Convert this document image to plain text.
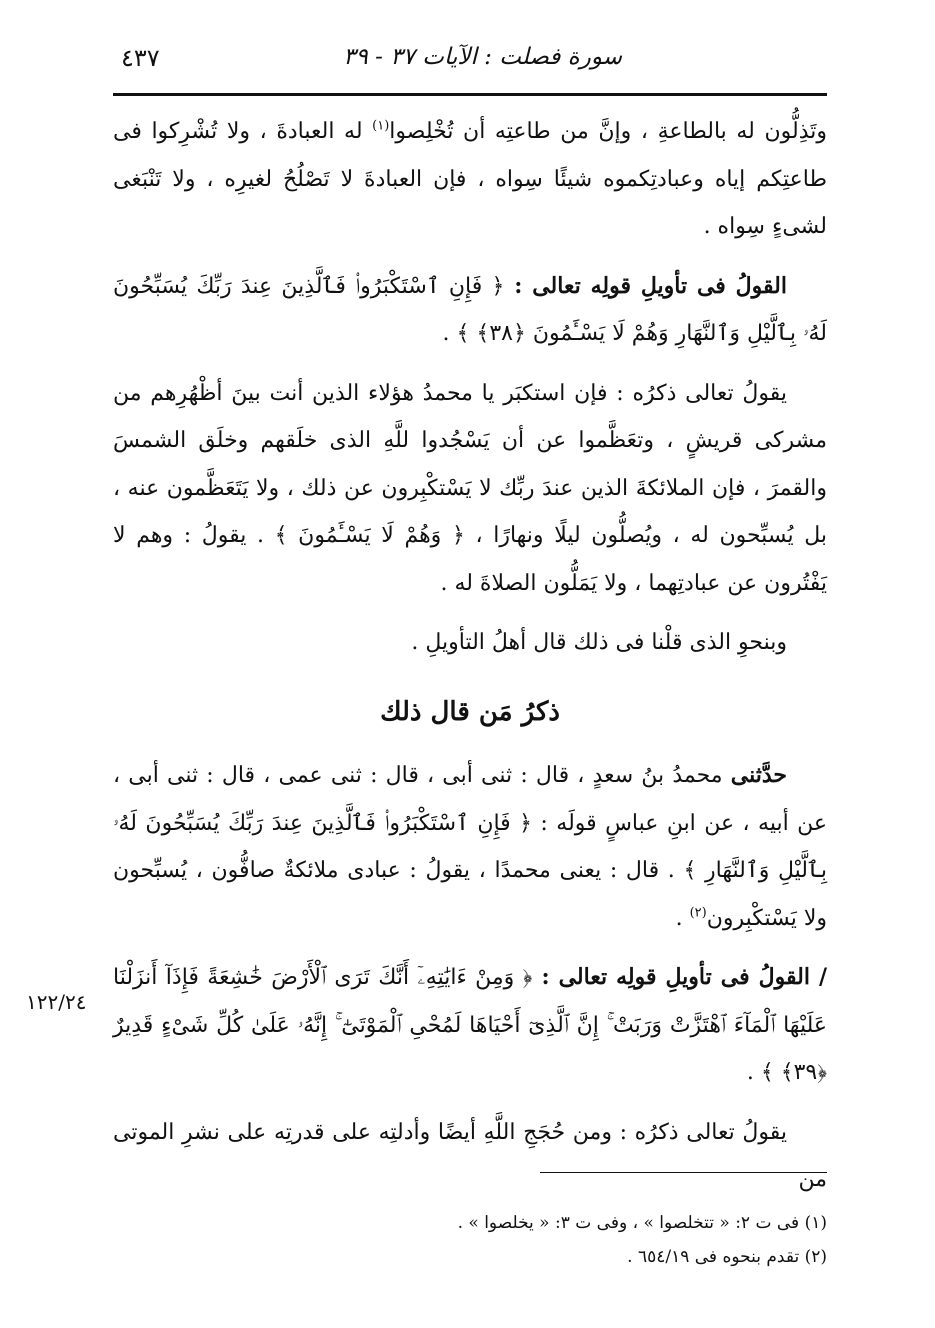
سورة فصلت : الآيات ٣٧ - ٣٩
٤٣٧

وتَذِلُّون له بالطاعةِ ، وإنَّ من طاعتِه أن تُخْلِصوا$^{(١)}$ له العبادةَ ، ولا تُشْرِكوا فى طاعتِكم إياه وعبادتِكموه شيئًا سِواه ، فإن العبادةَ لا تَصْلُحُ لغيرِه ، ولا تَنْبَغى لشىءٍ سِواه .

القولُ فى تأويلِ قولِه تعالى : ﴿ فَإِنِ ٱسْتَكْبَرُوا۟ فَٱلَّذِينَ عِندَ رَبِّكَ يُسَبِّحُونَ لَهُۥ بِٱلَّيْلِ وَٱلنَّهَارِ وَهُمْ لَا يَسْـَٔمُونَ ﴿٣٨﴾ ﴾ .

يقولُ تعالى ذكرُه : فإن استكبَر يا محمدُ هؤلاء الذين أنت بينَ أظْهُرِهم من مشركى قريشٍ ، وتعَظَّموا عن أن يَسْجُدوا للَّهِ الذى خلَقهم وخلَق الشمسَ والقمرَ ، فإن الملائكةَ الذين عندَ ربِّك لا يَسْتكْبِرون عن ذلك ، ولا يَتَعَظَّمون عنه ، بل يُسبِّحون له ، ويُصلُّون ليلًا ونهارًا ، ﴿ وَهُمْ لَا يَسْـَٔمُونَ ﴾ . يقولُ : وهم لا يَفْتُرون عن عبادتِهما ، ولا يَمَلُّون الصلاةَ له .

وبنحوِ الذى قلْنا فى ذلك قال أهلُ التأويلِ .

ذكرُ مَن قال ذلك

حدَّثنى محمدُ بنُ سعدٍ ، قال : ثنى أبى ، قال : ثنى عمى ، قال : ثنى أبى ، عن أبيه ، عن ابنِ عباسٍ قولَه : ﴿ فَإِنِ ٱسْتَكْبَرُوا۟ فَٱلَّذِينَ عِندَ رَبِّكَ يُسَبِّحُونَ لَهُۥ بِٱلَّيْلِ وَٱلنَّهَارِ ﴾ . قال : يعنى محمدًا ، يقولُ : عبادى ملائكةٌ صافُّون ، يُسبِّحون ولا يَسْتكْبِرون$^{(٢)}$ .

/ القولُ فى تأويلِ قولِه تعالى : ﴿ وَمِنْ ءَايَٰتِهِۦٓ أَنَّكَ تَرَى ٱلْأَرْضَ خَٰشِعَةً فَإِذَآ أَنزَلْنَا عَلَيْهَا ٱلْمَآءَ ٱهْتَزَّتْ وَرَبَتْ ۚ إِنَّ ٱلَّذِىٓ أَحْيَاهَا لَمُحْىِ ٱلْمَوْتَىٰٓ ۚ إِنَّهُۥ عَلَىٰ كُلِّ شَىْءٍ قَدِيرٌ ﴿٣٩﴾ ﴾ .

يقولُ تعالى ذكرُه : ومن حُجَجِ اللَّهِ أيضًا وأدلتِه على قدرتِه على نشرِ الموتى من

١٢٢/٢٤

(١) فى ت ٢: « تتخلصوا » ، وفى ت ٣: « يخلصوا » .

(٢) تقدم بنحوه فى ٦٥٤/١٩ .
